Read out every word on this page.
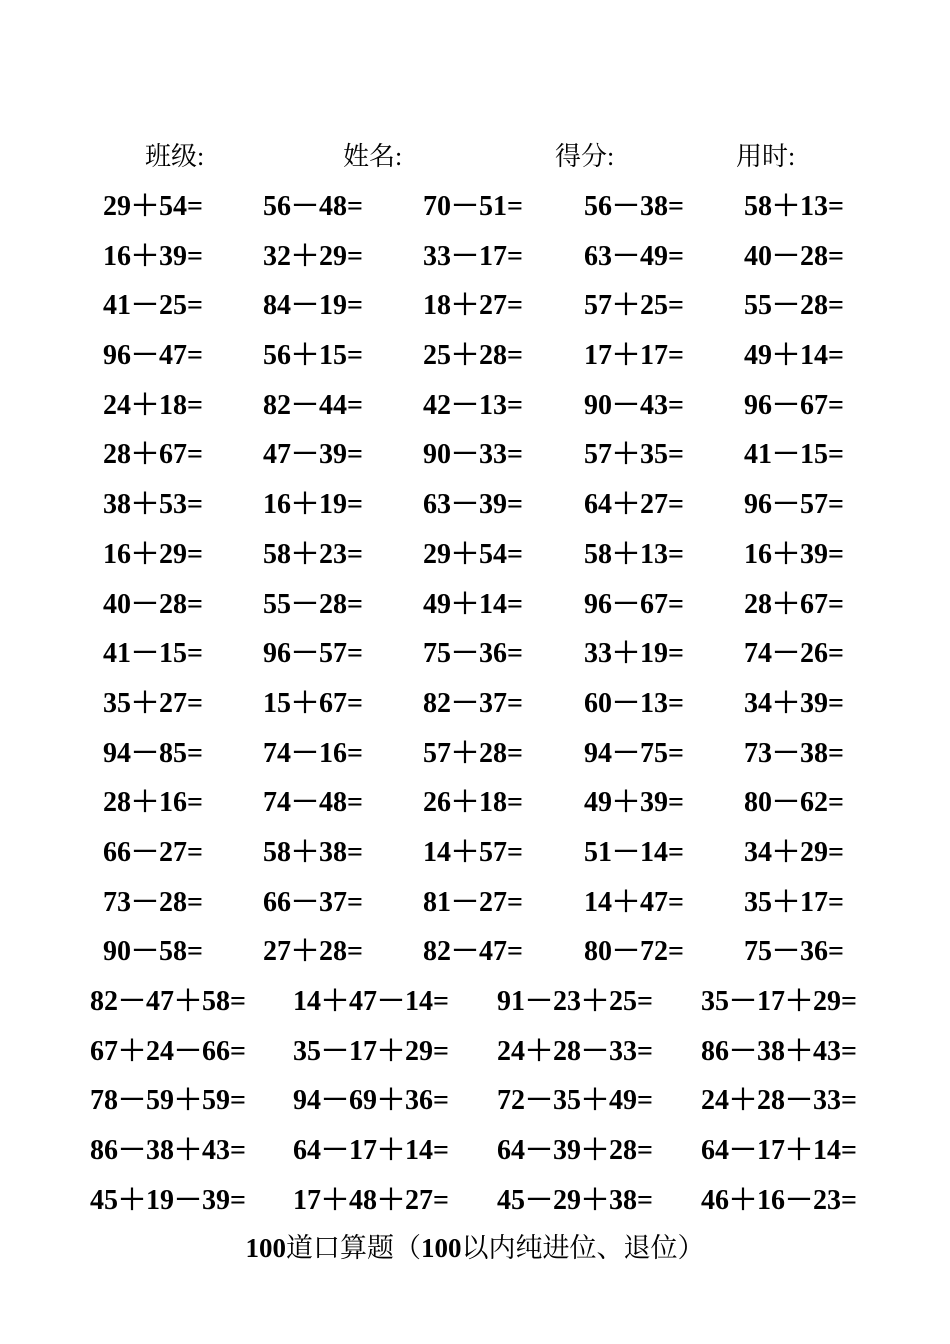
班级:	姓名:	得分:	用时:
29＋54= 56－48= 70－51= 56－38= 58＋13=
16＋39= 32＋29= 33－17= 63－49= 40－28=
41－25= 84－19= 18＋27= 57＋25= 55－28=
96－47= 56＋15= 25＋28= 17＋17= 49＋14=
24＋18= 82－44= 42－13= 90－43= 96－67=
28＋67= 47－39= 90－33= 57＋35= 41－15=
38＋53= 16＋19= 63－39= 64＋27= 96－57=
16＋29= 58＋23= 29＋54= 58＋13= 16＋39=
40－28= 55－28= 49＋14= 96－67= 28＋67=
41－15= 96－57= 75－36= 33＋19= 74－26=
35＋27= 15＋67= 82－37= 60－13= 34＋39=
94－85= 74－16= 57＋28= 94－75= 73－38=
28＋16= 74－48= 26＋18= 49＋39= 80－62=
66－27= 58＋38= 14＋57= 51－14= 34＋29=
73－28= 66－37= 81－27= 14＋47= 35＋17=
90－58= 27＋28= 82－47= 80－72= 75－36=
82－47＋58= 14＋47－14= 91－23＋25= 35－17＋29=
67＋24－66= 35－17＋29= 24＋28－33= 86－38＋43=
78－59＋59= 94－69＋36= 72－35＋49= 24＋28－33=
86－38＋43= 64－17＋14= 64－39＋28= 64－17＋14=
45＋19－39= 17＋48＋27= 45－29＋38= 46＋16－23=
100道口算题（100以内纯进位、退位）
